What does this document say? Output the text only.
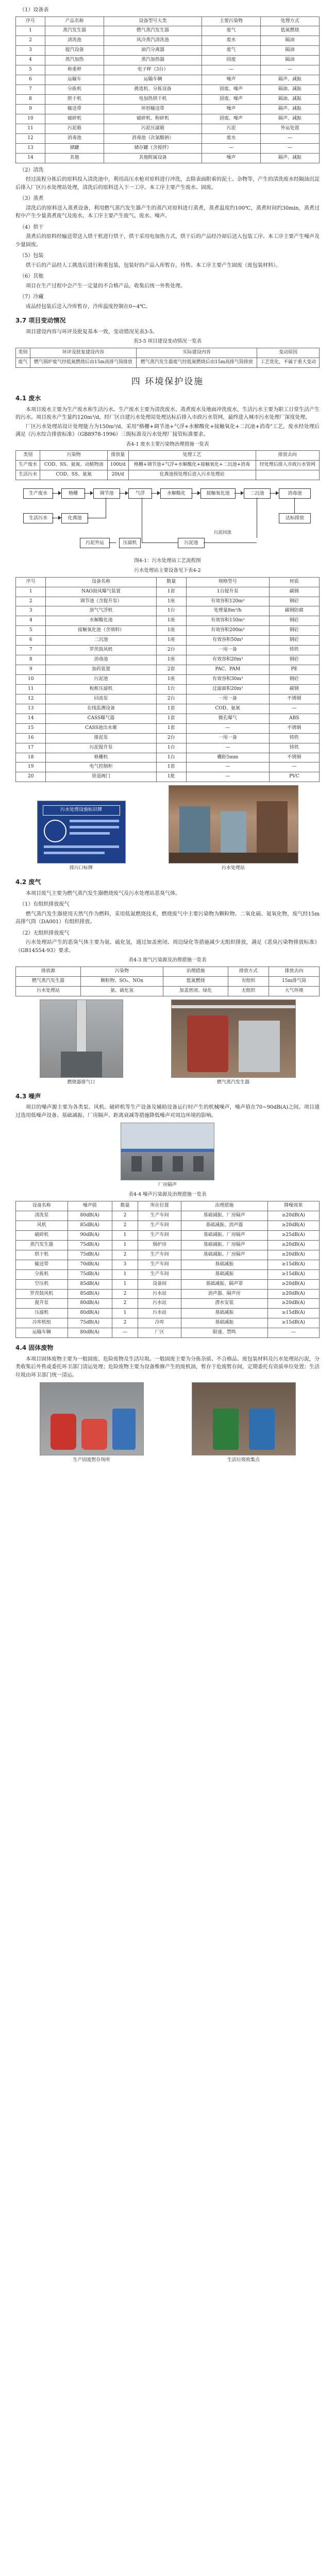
（1）设备表

序号	产品名称	设备型号大类	主要污染物	处理方式
1	蒸汽发生器	燃气蒸汽发生器	废气	低氮燃烧
2	清洗池	风冷蒸汽清洗池	废水	隔油
3	提汽设备	油汽分离器	废气	隔油
4	蒸汽加热	蒸汽加热器	固废	隔油
5	称重秤	电子秤（3台）	—	—
6	运输车	运输车辆	噪声	隔声、减振
7	分拣机	挑选机、分拣设备	固废、噪声	隔油、减振
8	烘干机	电加热烘干机	固废、噪声	隔油、减振
9	输送带	环形输送带	噪声	隔声、减振
10	破碎机	破碎机、粉碎机	固废、噪声	隔声、减振
11	污泥箱	污泥压滤箱	污泥	外运处置
12	消毒池	消毒池（次氯酸钠）	废水	—
13	储罐	储存罐（含搅拌）	—	—
14	其他	其他附属设备	噪声	隔声、减振

（2）清洗

经过流程分拣后的原料投入清洗池中，利用高压水枪对原料进行冲洗，去除表面附着的泥土、杂物等，产生的清洗废水经隔油沉淀后排入厂区污水处理站处理，清洗后的原料送入下一工序。本工序主要产生废水、固废。

（3）蒸煮

清洗后的原料送入蒸煮设备，利用燃气蒸汽发生器产生的蒸汽对原料进行蒸煮，蒸煮温度约100℃，蒸煮时间约30min，蒸煮过程中产生少量蒸煮废气及废水，本工序主要产生废气、废水、噪声。

（4）烘干

蒸煮后的原料经输送带送入烘干机进行烘干，烘干采用电加热方式，烘干后的产品经冷却后送入包装工序。本工序主要产生噪声及少量固废。

（5）包装

烘干后的产品经人工挑选后进行称重包装，包装好的产品入库暂存，待售。本工序主要产生固废（废包装材料）。

（6）其他

项目在生产过程中会产生一定量的不合格产品，收集后统一外售处理。

（7）冷藏

成品经包装后送入冷库暂存，冷库温度控制在0~4℃。

3.7 项目变动情况

项目建设内容与环评及批复基本一致，变动情况见表3-5。

表3-5 项目建设变动情况一览表

类别	环评及批复建设内容	实际建设内容	变动原因
废气	燃气锅炉废气经低氮燃烧后由15m高排气筒排放	燃气蒸汽发生器废气经低氮燃烧后由15m高排气筒排放	工艺优化，不属于重大变动

四 环境保护设施

4.1 废水

本项目废水主要为生产废水和生活污水。生产废水主要为清洗废水、蒸煮废水及地面冲洗废水，生活污水主要为职工日常生活产生的污水。项目废水产生量约120m³/d，经厂区自建污水处理站处理达标后排入市政污水管网，最终进入城市污水处理厂深度处理。

厂区污水处理站设计处理能力为150m³/d，采用"格栅+调节池+气浮+水解酸化+接触氧化+二沉池+消毒"工艺，废水经处理后满足《污水综合排放标准》（GB8978-1996）三级标准及污水处理厂接管标准要求。

表4-1 废水主要污染物治理措施一览表

类别	污染物	排放量	处理工艺	排放去向
生产废水	COD、SS、氨氮、动植物油	100t/d	格栅+调节池+气浮+水解酸化+接触氧化+二沉池+消毒	经处理后排入市政污水管网
生活污水	COD、SS、氨氮	20t/d	化粪池预处理后进入污水处理站	
生产废水	格栅	调节池	气浮	水解酸化	接触氧化池	二沉池	消毒池
达标排放
生活污水	化粪池
污泥池
压滤机
污泥外运
污泥回流

图4-1：污水处理站工艺流程图

污水处理站主要设备见下表4-2

序号	设备名称	数量	规格型号	材质
1	NAO鼓风曝气装置	1套	1台提升泵	碳钢
2	调节池（含提升泵）	1座	有效容积120m³	钢砼
3	溶气气浮机	1台	处理量8m³/h	碳钢防腐
4	水解酸化池	1座	有效容积150m³	钢砼
5	接触氧化池（含填料）	1座	有效容积200m³	钢砼
6	二沉池	1座	有效容积50m³	钢砼
7	罗茨鼓风机	2台	一用一备	铸铁
8	消毒池	1座	有效容积20m³	钢砼
9	加药装置	2套	PAC、PAM	PE
10	污泥池	1座	有效容积30m³	钢砼
11	板框压滤机	1台	过滤面积20m²	碳钢
12	回流泵	2台	一用一备	不锈钢
13	在线监测设备	1套	COD、氨氮	—
14	CASS曝气器	1套	微孔曝气	ABS
15	CASS池出水堰	1套	—	不锈钢
16	排泥泵	2台	一用一备	铸铁
17	污泥提升泵	1台	—	铸铁
18	格栅机	1台	栅距5mm	不锈钢
19	电气控制柜	1套	—	—
20	管道阀门	1批	—	PVC
污水处理设施标识牌

排污口标牌	污水处理站

4.2 废气

本项目废气主要为燃气蒸汽发生器燃烧废气及污水处理站恶臭气体。

（1）有组织排放废气

燃气蒸汽发生器使用天然气作为燃料，采用低氮燃烧技术，燃烧废气中主要污染物为颗粒物、二氧化硫、氮氧化物，废气经15m高排气筒（DA001）有组织排放。

（2）无组织排放废气

污水处理站产生的恶臭气体主要为氨、硫化氢，通过加盖密闭、周边绿化等措施减少无组织排放，满足《恶臭污染物排放标准》（GB14554-93）要求。

表4-3 废气污染源及治理措施一览表

排放源	污染物	治理措施	排放方式	排放去向
燃气蒸汽发生器	颗粒物、SO₂、NOx	低氮燃烧	有组织	15m排气筒
污水处理站	氨、硫化氢	加盖密闭、绿化	无组织	大气环境

燃烧器排气口	燃气蒸汽发生器

4.3 噪声

项目的噪声源主要为各类泵、风机、破碎机等生产设备及辅助设备运行时产生的机械噪声，噪声值在70~90dB(A)之间。项目通过选用低噪声设备、基础减振、厂房隔声、距离衰减等措施降低噪声对周边环境的影响。

厂房隔声

表4-4 噪声污染源及治理措施一览表

设备名称	噪声值	数量	所在位置	治理措施	降噪效果
清洗泵	80dB(A)	2	生产车间	基础减振、厂房隔声	≥20dB(A)
风机	85dB(A)	2	生产车间	基础减振、消声器	≥20dB(A)
破碎机	90dB(A)	1	生产车间	基础减振、厂房隔声	≥25dB(A)
蒸汽发生器	75dB(A)	1	锅炉房	基础减振、厂房隔声	≥20dB(A)
烘干机	75dB(A)	2	生产车间	基础减振、厂房隔声	≥20dB(A)
输送带	70dB(A)	3	生产车间	基础减振	≥15dB(A)
分拣机	75dB(A)	1	生产车间	基础减振	≥15dB(A)
空压机	85dB(A)	1	设备间	基础减振、隔声罩	≥20dB(A)
罗茨鼓风机	85dB(A)	2	污水站	消声器、隔声房	≥20dB(A)
提升泵	80dB(A)	2	污水站	潜水安装	≥20dB(A)
压滤机	80dB(A)	1	污水站	基础减振	≥15dB(A)
冷库机组	75dB(A)	2	冷库	基础减振	≥15dB(A)
运输车辆	80dB(A)	—	厂区	限速、禁鸣	—

4.4 固体废物

本项目固体废物主要为一般固废、危险废物及生活垃圾。一般固废主要为分拣杂质、不合格品、废包装材料及污水处理站污泥，分类收集后外售或委托环卫部门清运处理；危险废物主要为设备维修产生的废机油，暂存于危废暂存间，定期委托有资质单位处置；生活垃圾由环卫部门统一清运。

生产固废暂存场所	生活垃圾收集点
